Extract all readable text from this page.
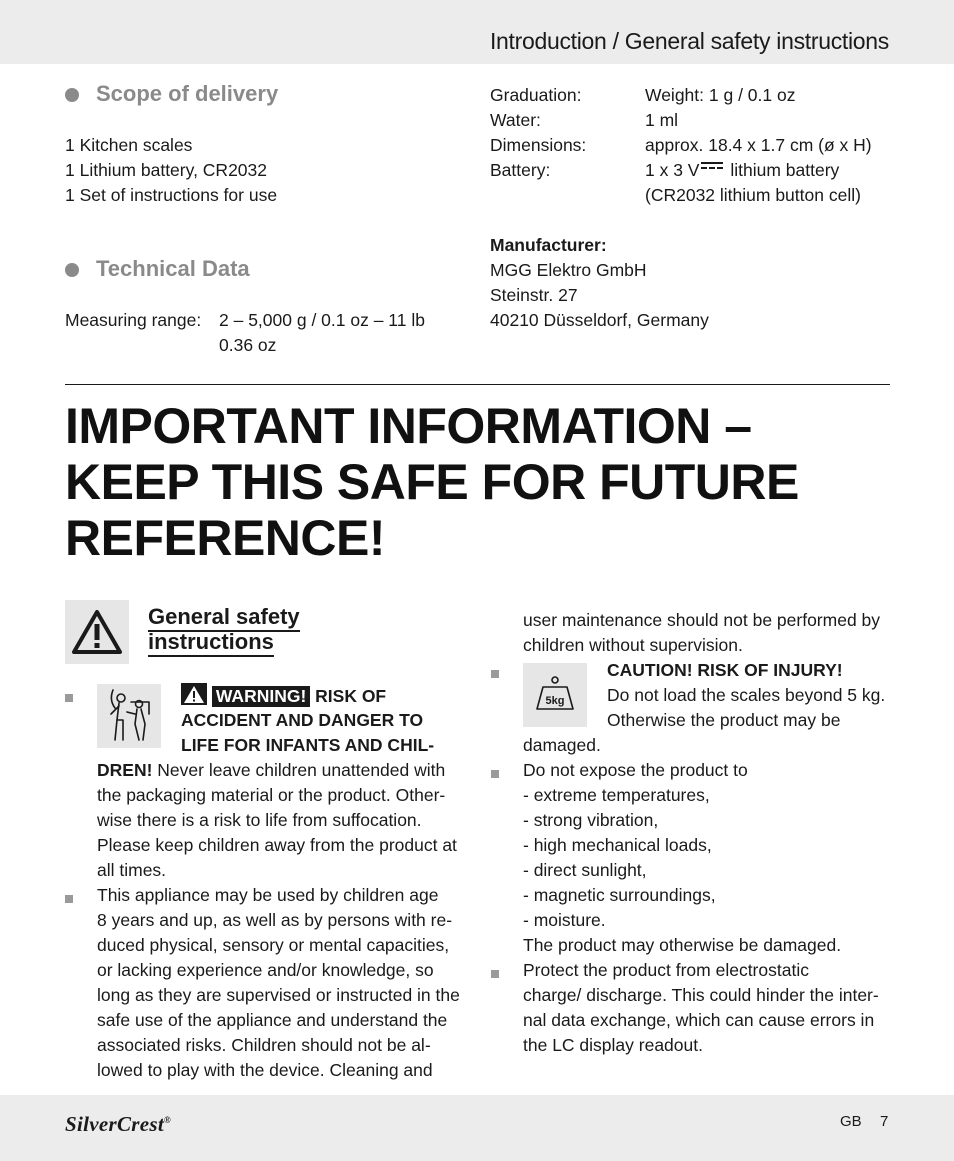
Introduction / General safety instructions
Scope of delivery
1 Kitchen scales
1 Lithium battery, CR2032
1 Set of instructions for use
Technical Data
Measuring range: 2 – 5,000 g / 0.1 oz – 11 lb
0.36 oz
Graduation:	Weight: 1 g / 0.1 oz
Water:	1 ml
Dimensions:	approx. 18.4 x 1.7 cm (ø x H)
Battery:	1 x 3 V lithium battery
(CR2032 lithium button cell)
Manufacturer:
MGG Elektro GmbH
Steinstr. 27
40210 Düsseldorf, Germany
IMPORTANT INFORMATION –
KEEP THIS SAFE FOR FUTURE
REFERENCE!
General safety
instructions
WARNING! RISK OF
ACCIDENT AND DANGER TO
LIFE FOR INFANTS AND CHIL-
DREN! Never leave children unattended with
the packaging material or the product. Other-
wise there is a risk to life from suffocation.
Please keep children away from the product at
all times.
This appliance may be used by children age
8 years and up, as well as by persons with re-
duced physical, sensory or mental capacities,
or lacking experience and/or knowledge, so
long as they are supervised or instructed in the
safe use of the appliance and understand the
associated risks. Children should not be al-
lowed to play with the device. Cleaning and
user maintenance should not be performed by
children without supervision.
5kg
CAUTION! RISK OF INJURY!
Do not load the scales beyond 5 kg.
Otherwise the product may be
damaged.
Do not expose the product to
- extreme temperatures,
- strong vibration,
- high mechanical loads,
- direct sunlight,
- magnetic surroundings,
- moisture.
The product may otherwise be damaged.
Protect the product from electrostatic
charge/ discharge. This could hinder the inter-
nal data exchange, which can cause errors in
the LC display readout.
SilverCrest®	GB 7
